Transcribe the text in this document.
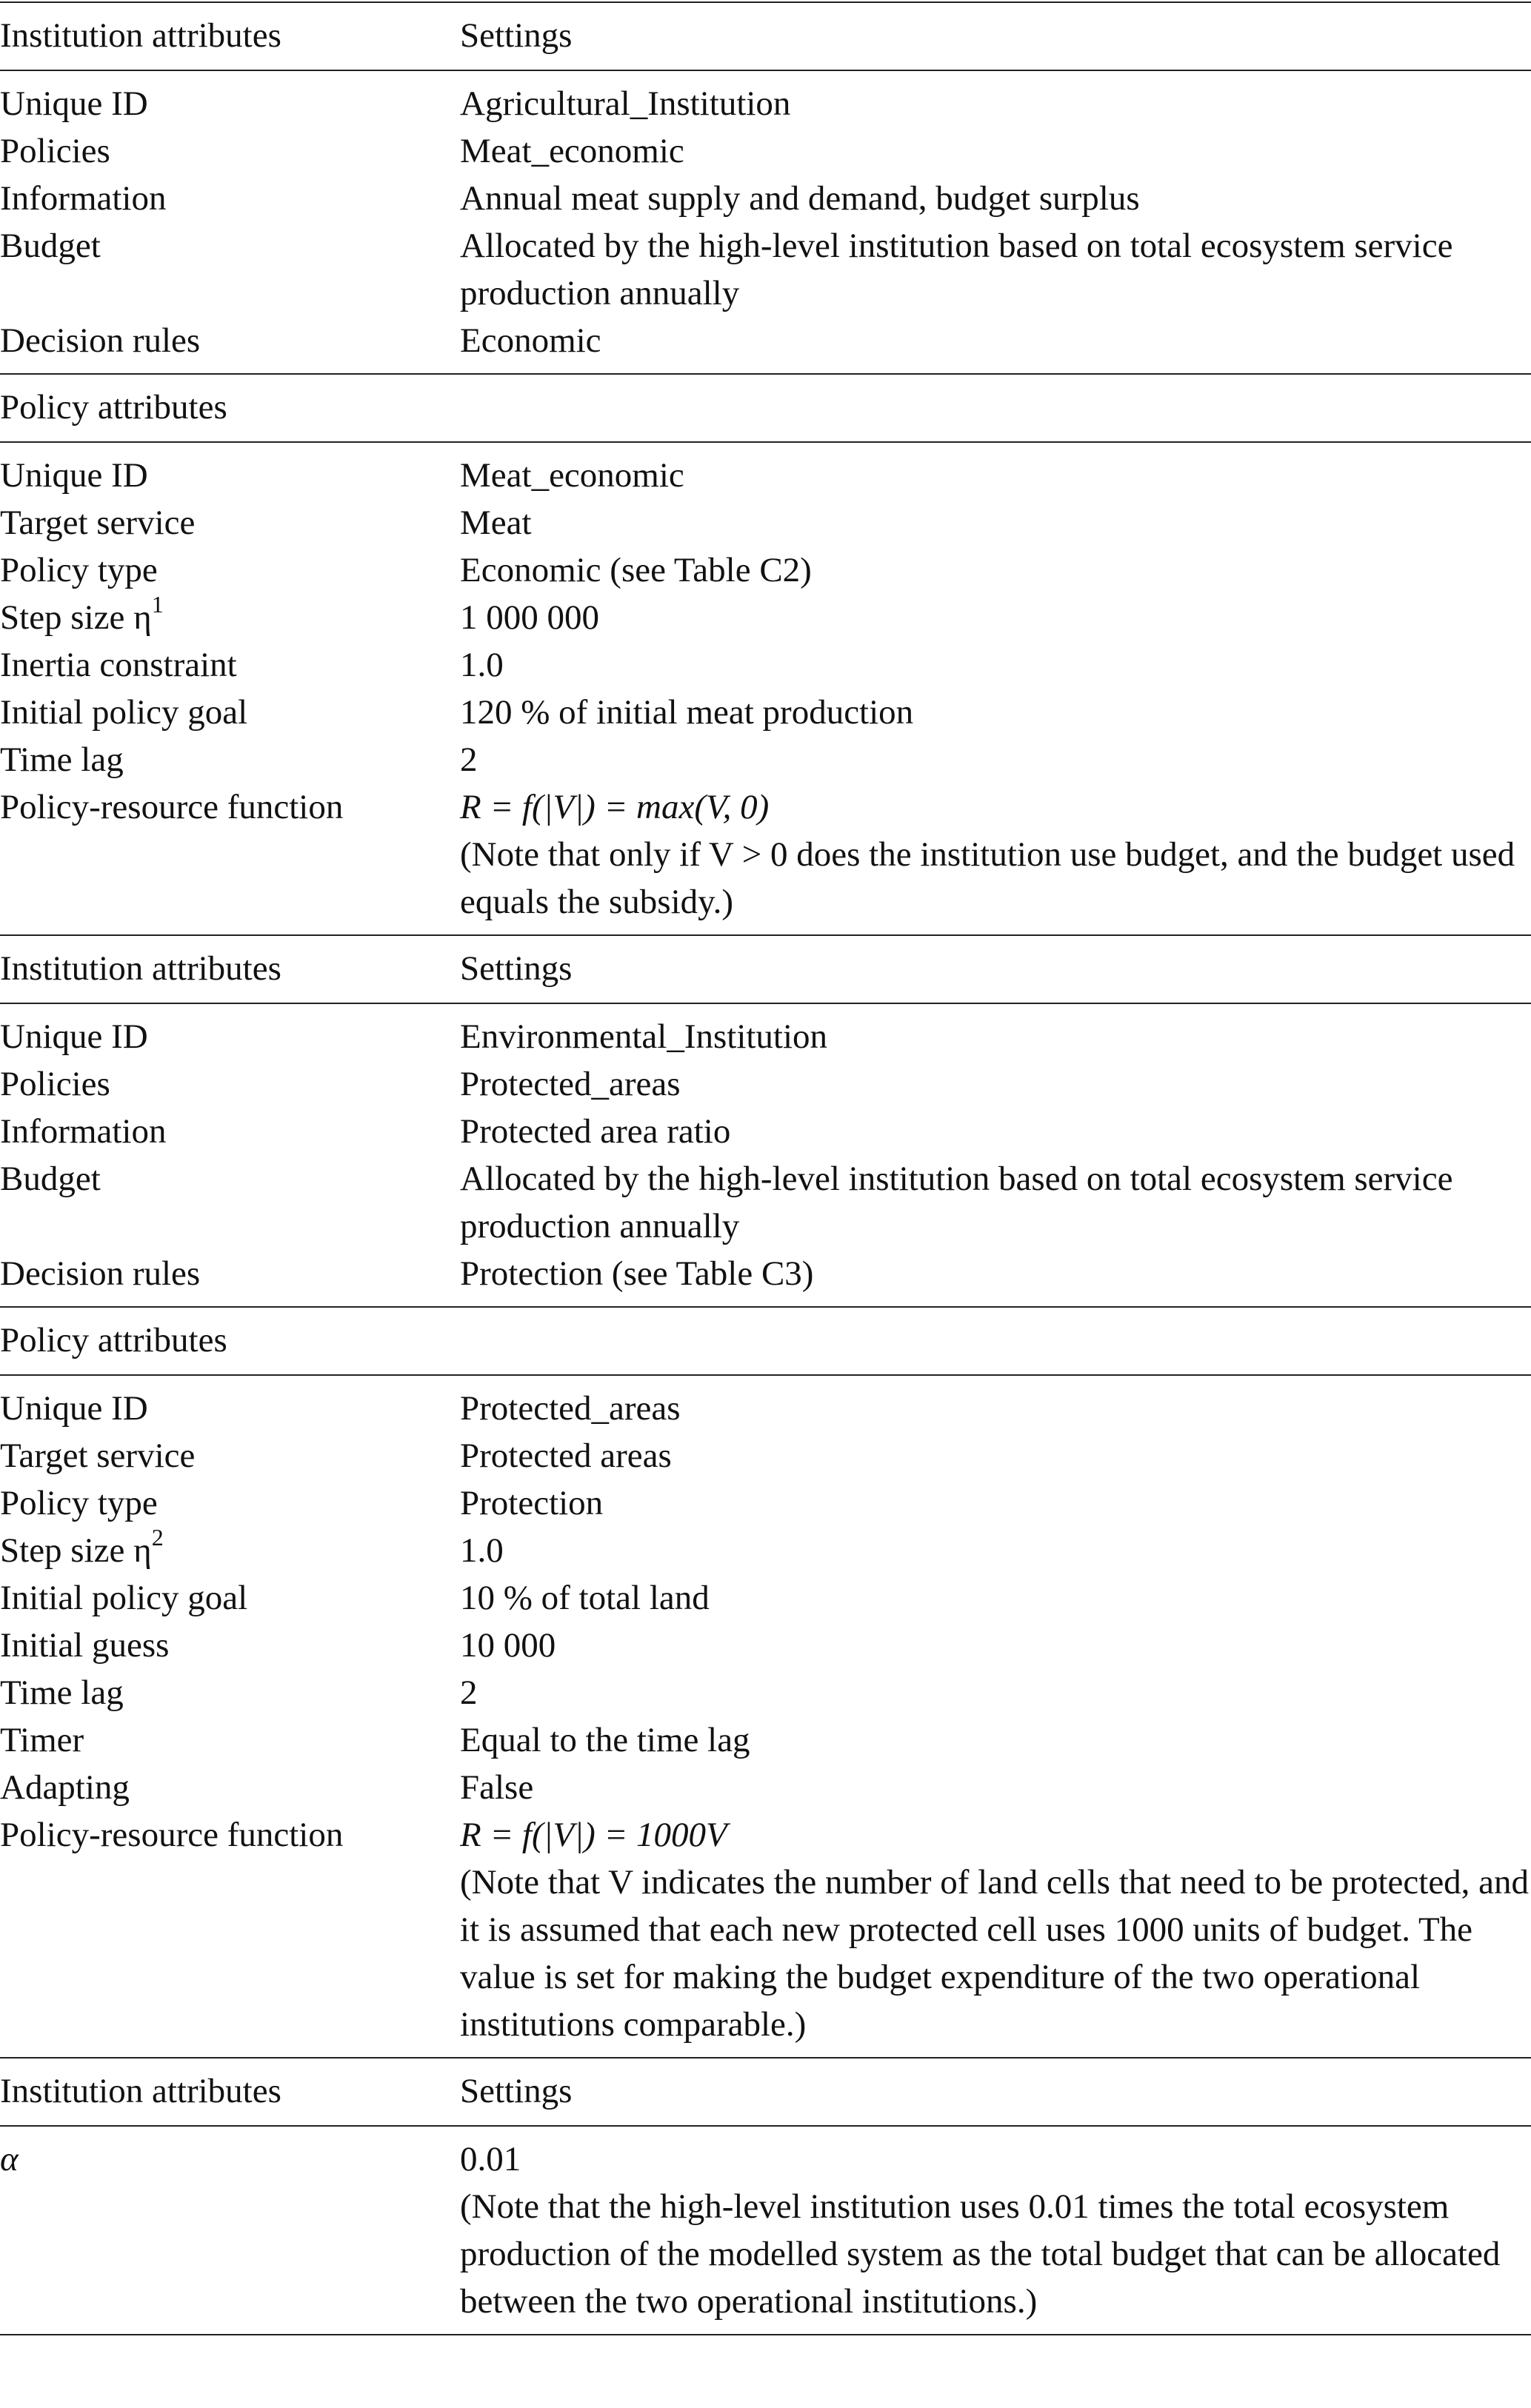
Institution attributes	Settings
Unique ID	Agricultural_Institution
Policies	Meat_economic
Information	Annual meat supply and demand, budget surplus
Budget	Allocated by the high-level institution based on total ecosystem service production annually
Decision rules	Economic
Policy attributes	
Unique ID	Meat_economic
Target service	Meat
Policy type	Economic (see Table C2)
Step size $\eta^1$	1 000 000
Inertia constraint	1.0
Initial policy goal	120 % of initial meat production
Time lag	2
Policy-resource function	R = f(|V|) = max(V, 0)
(Note that only if V > 0 does the institution use budget, and the budget used equals the subsidy.)

Institution attributes	Settings
Unique ID	Environmental_Institution
Policies	Protected_areas
Information	Protected area ratio
Budget	Allocated by the high-level institution based on total ecosystem service production annually
Decision rules	Protection (see Table C3)
Policy attributes	
Unique ID	Protected_areas
Target service	Protected areas
Policy type	Protection
Step size $\eta^2$	1.0
Initial policy goal	10 % of total land
Initial guess	10 000
Time lag	2
Timer	Equal to the time lag
Adapting	False
Policy-resource function	R = f(|V|) = 1000V
(Note that V indicates the number of land cells that need to be protected, and it is assumed that each new protected cell uses 1000 units of budget. The value is set for making the budget expenditure of the two operational institutions comparable.)

Institution attributes	Settings
α	0.01
(Note that the high-level institution uses 0.01 times the total ecosystem production of the modelled system as the total budget that can be allocated between the two operational institutions.)
